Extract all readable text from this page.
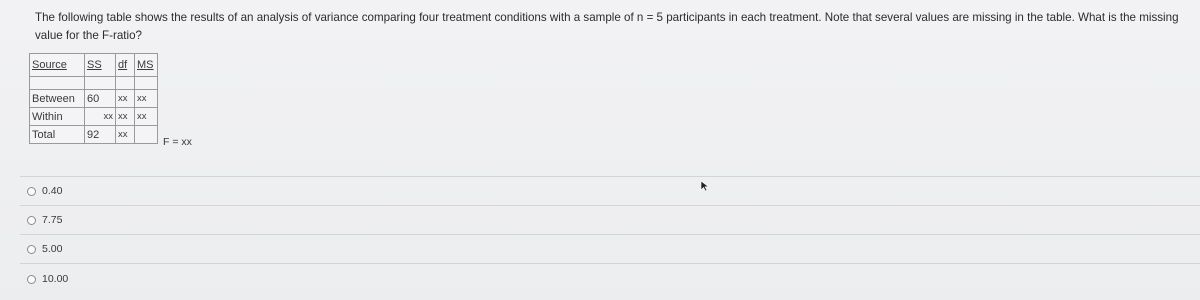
The following table shows the results of an analysis of variance comparing four treatment conditions with a sample of n = 5 participants in each treatment. Note that several values are missing in the table. What is the missing value for the F-ratio?
Source	SS	df	MS

Between	60	xx	xx
Within	xx	xx	xx
Total	92	xx	
F = xx
0.40
7.75
5.00
10.00
